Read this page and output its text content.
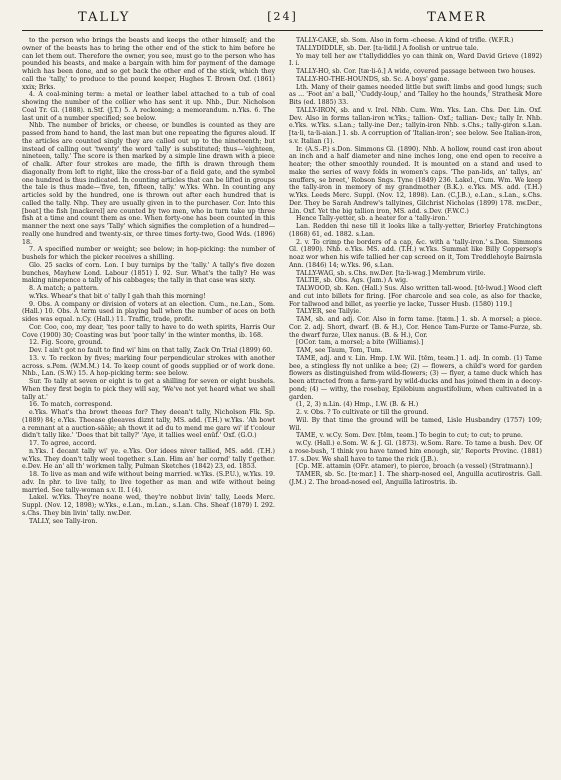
TALLY	[24]	TAMER

to the person who brings the beasts and keeps the other himself; and the owner of the beasts has to bring the other end of the stick to him before he can let them out. Therefore the owner, you see, must go to the person who has pounded his beasts, and make a bargain with him for payment of the damage which has been done, and so get back the other end of the stick, which they call the 'tally,' to produce to the pound keeper, Hughes T. Brown Oxf. (1861) xxix; Brks.

4. A coal-mining term: a metal or leather label attached to a tub of coal showing the number of the collier who has sent it up. Nhb., Dur. Nicholson Coal Tr. Gl. (1888). n.Stf. (J.T.) 5. A reckoning; a memorandum. n.Yks. 6. The last unit of a number specified; see below.

Nhb. The number of bricks, or cheese, or bundles is counted as they are passed from hand to hand, the last man but one repeating the figures aloud. If the articles are counted singly they are called out up to the nineteenth; but instead of calling out 'twenty' the word 'tally' is substituted; thus—'eighteen, nineteen, tally.' The score is then marked by a simple line drawn with a piece of chalk. After four strokes are made, the fifth is drawn through them diagonally from left to right, like the cross-bar of a field gate, and the symbol one hundred is thus indicated. In counting articles that can be lifted in groups the tale is thus made—'five, ten, fifteen, tally.' w.Yks. Whn. In counting any articles sold by the hundred, one is thrown out after each hundred that is called the tally. Nhp. They are usually given in to the purchaser. Cor. Into this [boat] the fish [mackerel] are counted by two men, who in turn take up three fish at a time and count them as one. When forty-one has been counted in this manner the next one says 'Tally' which signifies the completion of a hundred—really one hundred and twenty-six, or three times forty-two, Good Wds. (1896) 18.

7. A specified number or weight; see below; in hop-picking: the number of bushels for which the picker receives a shilling.

Glo. 25 sacks of corn. Lon. I buy turnips by the 'tally.' A tally's five dozen bunches, Mayhew Lond. Labour (1851) I. 92. Sur. What's the tally? He was making ninepence a tally of his cabbages; the tally in that case was sixty.

8. A match; a pattern.

w.Yks. Whear's that bit o' tally I gah thah this morning!

9. Obs. A company or division of voters at an election. Cum., ne.Lan., Som. (Hall.) 10. Obs. A term used in playing ball when the number of aces on both sides was equal. n.Cy. (Hall.) 11. Traffic, trade, profit.

Cor. Coo, coo, my dear, 'tes poor tally to have to do weth spirits, Harris Our Cove (1900) 30; Coasting was but 'poor tally' in the winter months, ib. 168.

12. Fig. Score, ground.

Dev. I ain't got no fault to find wi' him on that tally, Zack On Trial (1899) 60.

13. v. To reckon by fives; marking four perpendicular strokes with another across. s.Pem. (W.M.M.) 14. To keep count of goods supplied or of work done. Nhb., Lan. (S.W.) 15. A hop-picking term: see below.

Sur. To tally at seven or eight is to get a shilling for seven or eight bushels. When they first begin to pick they will say, 'We've not yet heard what we shall tally at.'

16. To match, correspond.

e.Yks. What's tha browt theeas for? They deean't tally, Nicholson Flk. Sp. (1889) 84; e.Yks. Theease gleeaves diznt tally, MS. add. (T.H.) w.Yks. 'Ah bowt a remnant at a auction-sääle; ah thowt it ad du to mend me gare wi' if t'colour didn't tally like.' 'Does that bit tally?' 'Aye, it tallies weel enüf.' Oxf. (G.O.)

17. To agree, accord.

n.Yks. I decant tally wi' ye. e.Yks. Oor idees niver tallied, MS. add. (T.H.) w.Yks. They doan't tally weel together. s.Lan. Him an' her cornd' tally t'gether. e.Dev. He an' all th' workmen tally, Pulman Sketches (1842) 23, ed. 1853.

18. To live as man and wife without being married. w.Yks. (S.P.U.), w.Yks. 19. adv. In phr. to live tally, to live together as man and wife without being married. See tally-woman s.v. II. I (4).

Lakel. w.Yks. They're noane wed, they're nobbut livin' tally, Leeds Merc. Suppl. (Nov. 12, 1898); w.Yks., e.Lan., m.Lan., s.Lan. Chs. Sheaf (1879) I. 292. s.Chs. They bin livin' tally. nw.Der.

TALLY, see Tally-iron.

TALLY-CAKE, sb. Som. Also in form -cheese. A kind of trifle. (W.F.R.)

TALLYDIDDLE, sb. Der. [ta·lidil.] A foolish or untrue tale.

Yo may tell her aw t'tallydiddles yo can think on, Ward David Grieve (1892) I. i.

TALLY-HO, sb. Cor. [tæ·li-ō.] A wide, covered passage between two houses.

TALLY-HO-THE-HOUNDS, sb. Sc. A boys' game.

Lth. Many of their games needed little but swift limbs and good lungs; such as ... 'Foot an' a ball,' 'Cuddy-loup,' and 'Talley ho the hounds,' Strathesk More Bits (ed. 1885) 33.

TALLY-IRON, sb. and v. Irel. Nhb. Cum. Wm. Yks. Lan. Chs. Der. Lin. Oxf. Dev. Also in forms tallan-iron w.Yks.; tallion- Oxf.; tallian- Dev.; tally Ir. Nhb. e.Yks. w.Yks. s.Lan.; tally-ine Der.; tallyin-iron Nhb. s.Chs.; tally-giron s.Lan. [ta·li, ta·li-aian.] 1. sb. A corruption of 'Italian-iron'; see below. See Italian-iron, s.v. Italian (1).

Ir. (A.S.-P.) s.Don. Simmons Gl. (1890). Nhb. A hollow, round cast iron about an inch and a half diameter and nine inches long, one end open to receive a heater; the other smoothly rounded. It is mounted on a stand and used to make the series of wavy folds in women's caps. 'The pan-lids, an' tallys, an' snuffers, se breet,' Robson Sngs. Tyne (1849) 236. Lakel., Cum. Wm. We keep the tally-iron in memory of my grandmother (B.K.). e.Yks. MS. add. (T.H.) w.Yks. Leeds Merc. Suppl. (Nov. 12, 1898). Lan. (C.J.B.), e.Lan., s.Lan., s.Chs. Der. They be Sarah Andrew's tallyines, Gilchrist Nicholas (1899) 178. nw.Der., Lin. Oxf. Yet the big tallion iron, MS. add. s.Dev. (F.W.C.)

Hence Tally-yetter, sb. a heater for a 'tally-iron.'

Lan. Redden thi nese till it looks like a tally-yetter, Brierley Fratchingtons (1868) 61, ed. 1882. s.Lan.

2. v. To crimp the borders of a cap, &c. with a 'tally-iron.' s.Don. Simmons Gl. (1890). Nhb. e.Yks. MS. add. (T.H.) w.Yks. Summat like Billy Coppersop's noaz wor when his wife tallied her cap screed on it, Tom Treddlehoyle Bairnsla Ann. (1846) 14; w.Yks. 96, s.Lan.

TALLY-WAG, sb. s.Chs. nw.Der. [ta·li-wag.] Membrum virile.

TALTIE, sb. Obs. Ags. (Jam.) A wig.

TALWOOD, sb. Ken. (Hall.) Sus. Also written tall-wood. [tō·lwud.] Wood cleft and cut into billets for firing. [For charcole and sea cole, as also for thacke, For tallwood and billet, as yeerlie ye lacke, Tusser Husb. (1580) 119.]

TALYER, see Tailyie.

TAM, sb. and adj. Cor. Also in form tame. [tæm.] 1. sb. A morsel; a piece. Cor. 2. adj. Short, dwarf. (B. & H.), Cor. Hence Tam-Furze or Tame-Furze, sb. the dwarf furze, Ulex nanus. (B. & H.), Cor.

[OCor. tam, a morsel; a bite (Williams).]

TAM, see Taum, Tom, Tum.

TAME, adj. and v. Lin. Hmp. I.W. Wil. [tēm, teəm.] 1. adj. In comb. (1) Tame bee, a stingless fly not unlike a bee; (2) — flowers, a child's word for garden flowers as distinguished from wild-flowers; (3) — flyer, a tame duck which has been attracted from a farm-yard by wild-ducks and has joined them in a decoy-pond; (4) — withy, the rosebay, Epilobium angustifolium, when cultivated in a garden.

(1, 2, 3) n.Lin. (4) Hmp., I.W. (B. & H.)

2. v. Obs. ? To cultivate or till the ground.

Wil. By that time the ground will be tamed, Lisle Husbandry (1757) 109; Wil.

TAME, v. w.Cy. Som. Dev. [tēm, teəm.] To begin to cut; to cut; to prune.

w.Cy. (Hall.) e.Som. W. & J. Gl. (1873). w.Som. Rare. To tame a bush. Dev. Of a rose-bush, 'I think you have tamed him enough, sir,' Reports Provinc. (1881) 17. s.Dev. We shall have to tame the rick (J.B.).

[Cp. ME. attamin (OFr. atamer), to pierce, broach (a vessel) (Stratmann).]

TAMER, sb. Sc. [te·mar.] 1. The sharp-nosed eel, Anguilla acutirostris. Gall. (J.M.) 2. The broad-nosed eel, Anguilla latirostris. ib.
